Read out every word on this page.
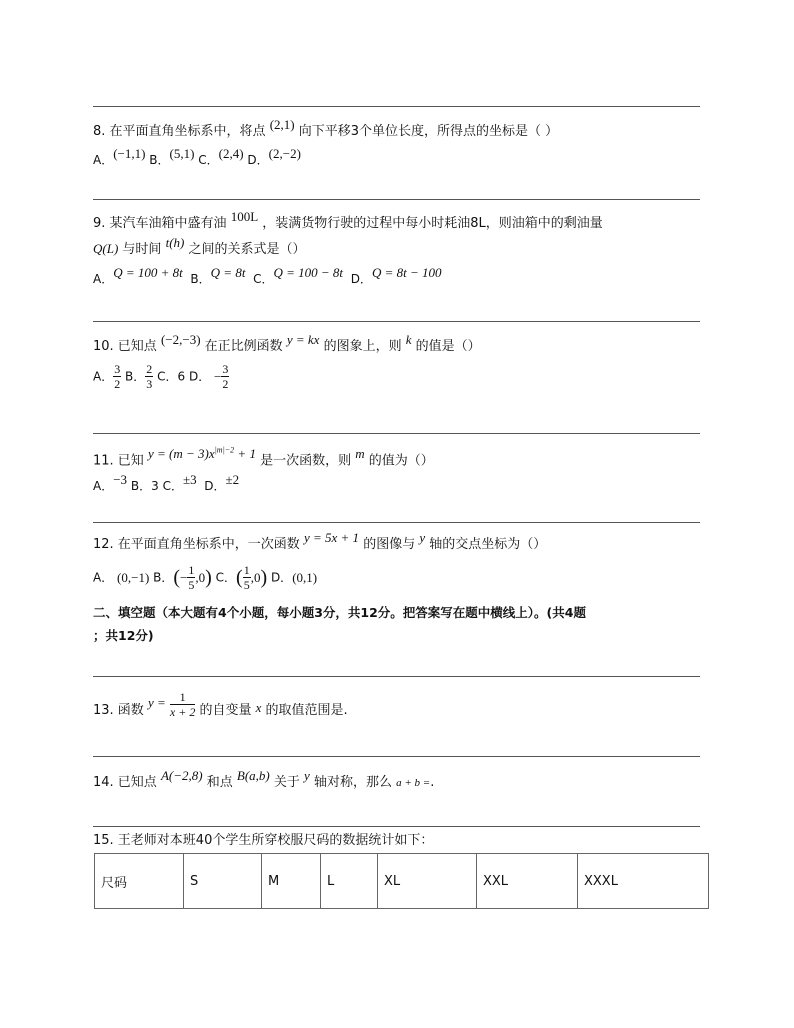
8. 在平面直角坐标系中，将点 (2,1) 向下平移3个单位长度，所得点的坐标是（ ）
A．(−1,1) B．(5,1) C．(2,4) D．(2,−2)
9. 某汽车油箱中盛有油 100L ，装满货物行驶的过程中每小时耗油8L，则油箱中的剩油量
Q(L) 与时间 t(h) 之间的关系式是（）
A．Q = 100 + 8t B．Q = 8t C．Q = 100 − 8t D．Q = 8t − 100
10. 已知点 (−2,−3) 在正比例函数 y = kx 的图象上，则 k 的值是（）
A． $\frac{3}{2}$ B． $\frac{2}{3}$ C．6 D． − $\frac{3}{2}$
11. 已知 $y = (m - 3)x^{|m|-2} + 1$ 是一次函数，则 m 的值为（）
A．−3 B．3 C．±3 D．±2
12. 在平面直角坐标系中，一次函数 y = 5x + 1 的图像与 y 轴的交点坐标为（）
A． (0,−1) B．(− $\frac{1}{5} ,0$) C．( $\frac{1}{5} ,0$) D．(0,1)
二、填空题（本大题有4个小题，每小题3分，共12分。把答案写在题中横线上）。(共4题
；共12分)
13. 函数 $y = \frac{1}{x + 2}$ 的自变量 x 的取值范围是.
14. 已知点 A(−2,8) 和点 B(a,b) 关于 y 轴对称，那么 a + b =.
15. 王老师对本班40个学生所穿校服尺码的数据统计如下：
尺码	S	M	L	XL	XXL	XXXL
